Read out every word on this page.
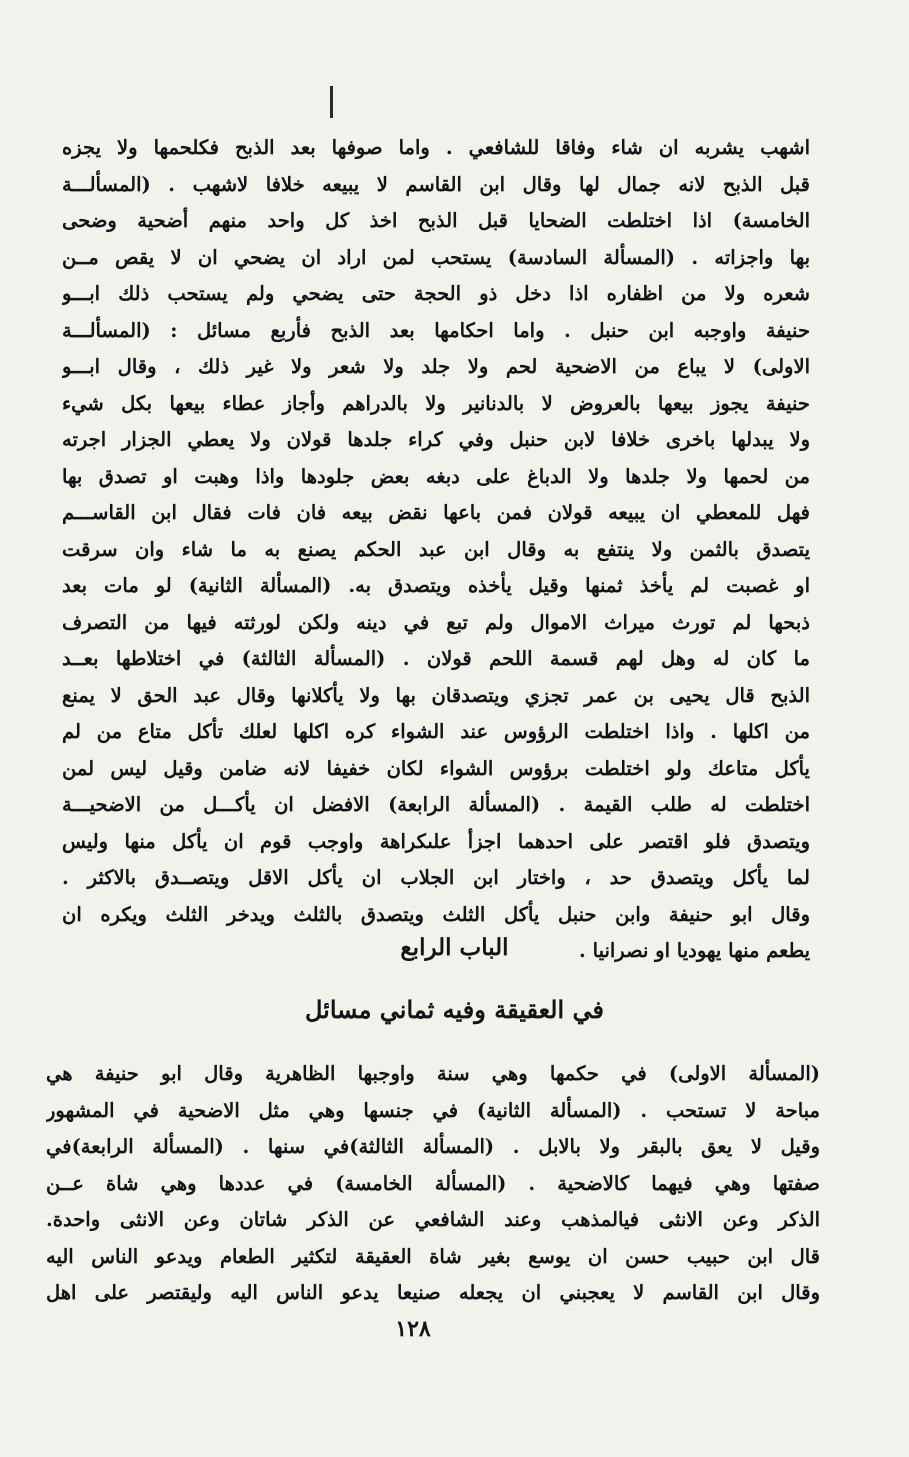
اشهب يشربه ان شاء وفاقا للشافعي . واما صوفها بعد الذبح فكلحمها ولا يجزه
قبل الذبح لانه جمال لها وقال ابن القاسم لا يبيعه خلافا لاشهب . (المسألـــة
الخامسة) اذا اختلطت الضحايا قبل الذبح اخذ كل واحد منهم أضحية وضحى
بها واجزاته . (المسألة السادسة) يستحب لمن اراد ان يضحي ان لا يقص مــن
شعره ولا من اظفاره اذا دخل ذو الحجة حتى يضحي ولم يستحب ذلك ابـــو
حنيفة واوجبه ابن حنبل . واما احكامها بعد الذبح فأربع مسائل : (المسألـــة
الاولى) لا يباع من الاضحية لحم ولا جلد ولا شعر ولا غير ذلك ، وقال ابـــو
حنيفة يجوز بيعها بالعروض لا بالدنانير ولا بالدراهم وأجاز عطاء بيعها بكل شيء
ولا يبدلها باخرى خلافا لابن حنبل وفي كراء جلدها قولان ولا يعطي الجزار اجرته
من لحمها ولا جلدها ولا الدباغ على دبغه بعض جلودها واذا وهبت او تصدق بها
فهل للمعطي ان يبيعه قولان فمن باعها نقض بيعه فان فات فقال ابن القاســـم
يتصدق بالثمن ولا ينتفع به وقال ابن عبد الحكم يصنع به ما شاء وان سرقت
او غصبت لم يأخذ ثمنها وقيل يأخذه ويتصدق به. (المسألة الثانية) لو مات بعد
ذبحها لم تورث ميراث الاموال ولم تبع في دينه ولكن لورثته فيها من التصرف
ما كان له وهل لهم قسمة اللحم قولان . (المسألة الثالثة) في اختلاطها بعــد
الذبح قال يحيى بن عمر تجزي ويتصدقان بها ولا يأكلانها وقال عبد الحق لا يمنع
من اكلها . واذا اختلطت الرؤوس عند الشواء كره اكلها لعلك تأكل متاع من لم
يأكل متاعك ولو اختلطت برؤوس الشواء لكان خفيفا لانه ضامن وقيل ليس لمن
اختلطت له طلب القيمة . (المسألة الرابعة) الافضل ان يأكـــل من الاضحيـــة
ويتصدق فلو اقتصر على احدهما اجزأ علىكراهة واوجب قوم ان يأكل منها وليس
لما يأكل ويتصدق حد ، واختار ابن الجلاب ان يأكل الاقل ويتصــدق بالاكثر .
وقال ابو حنيفة وابن حنبل يأكل الثلث ويتصدق بالثلث ويدخر الثلث ويكره ان
يطعم منها يهوديا او نصرانيا .
الباب الرابع
في العقيقة وفيه ثماني مسائل
(المسألة الاولى) في حكمها وهي سنة واوجبها الظاهرية وقال ابو حنيفة هي
مباحة لا تستحب . (المسألة الثانية) في جنسها وهي مثل الاضحية في المشهور
وقيل لا يعق بالبقر ولا بالابل . (المسألة الثالثة)في سنها . (المسألة الرابعة)في
صفتها وهي فيهما كالاضحية . (المسألة الخامسة) في عددها وهي شاة عــن
الذكر وعن الانثى فيالمذهب وعند الشافعي عن الذكر شاتان وعن الانثى واحدة.
قال ابن حبيب حسن ان يوسع بغير شاة العقيقة لتكثير الطعام ويدعو الناس اليه
وقال ابن القاسم لا يعجبني ان يجعله صنيعا يدعو الناس اليه وليقتصر على اهل
١٢٨
